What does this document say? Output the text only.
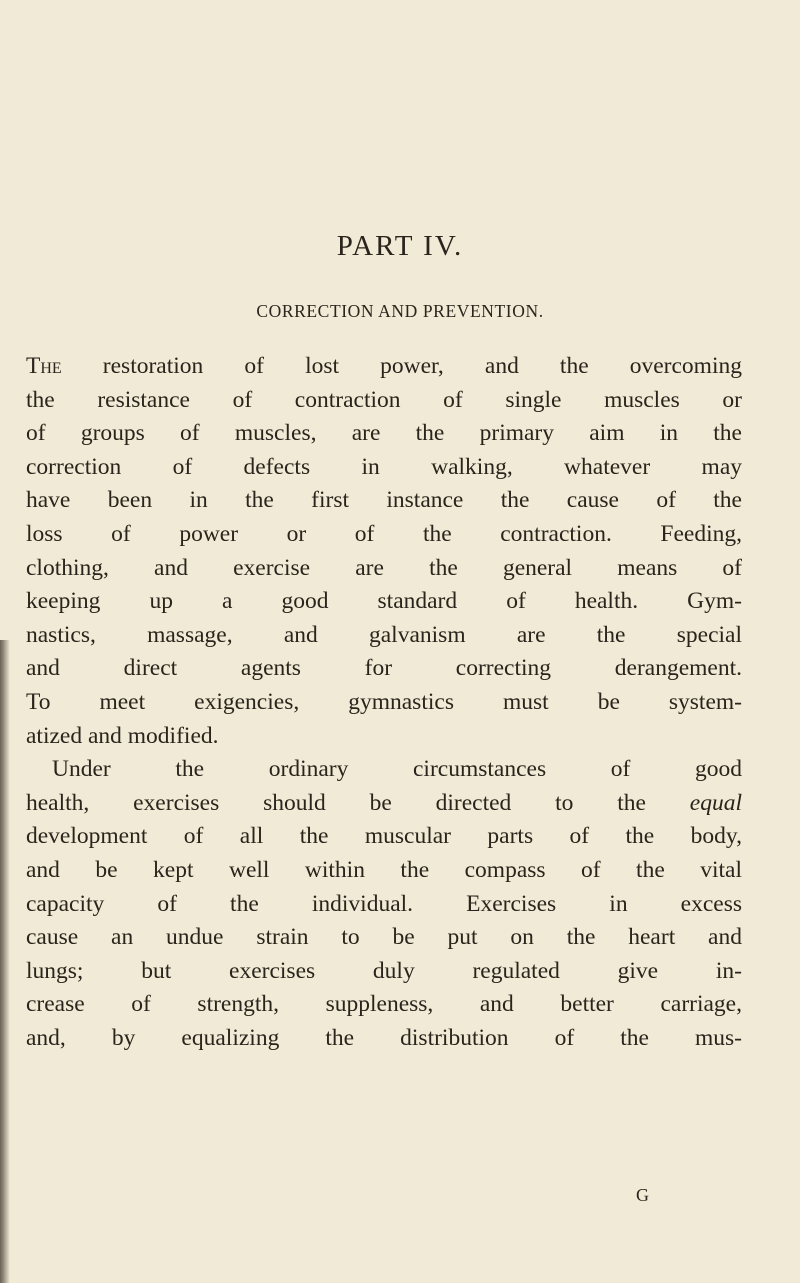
PART IV.
CORRECTION AND PREVENTION.
The restoration of lost power, and the overcoming
the resistance of contraction of single muscles or
of groups of muscles, are the primary aim in the
correction of defects in walking, whatever may
have been in the first instance the cause of the
loss of power or of the contraction. Feeding,
clothing, and exercise are the general means of
keeping up a good standard of health. Gym-
nastics, massage, and galvanism are the special
and direct agents for correcting derangement.
To meet exigencies, gymnastics must be system-
atized and modified.
Under the ordinary circumstances of good
health, exercises should be directed to the equal
development of all the muscular parts of the body,
and be kept well within the compass of the vital
capacity of the individual. Exercises in excess
cause an undue strain to be put on the heart and
lungs; but exercises duly regulated give in-
crease of strength, suppleness, and better carriage,
and, by equalizing the distribution of the mus-
G
